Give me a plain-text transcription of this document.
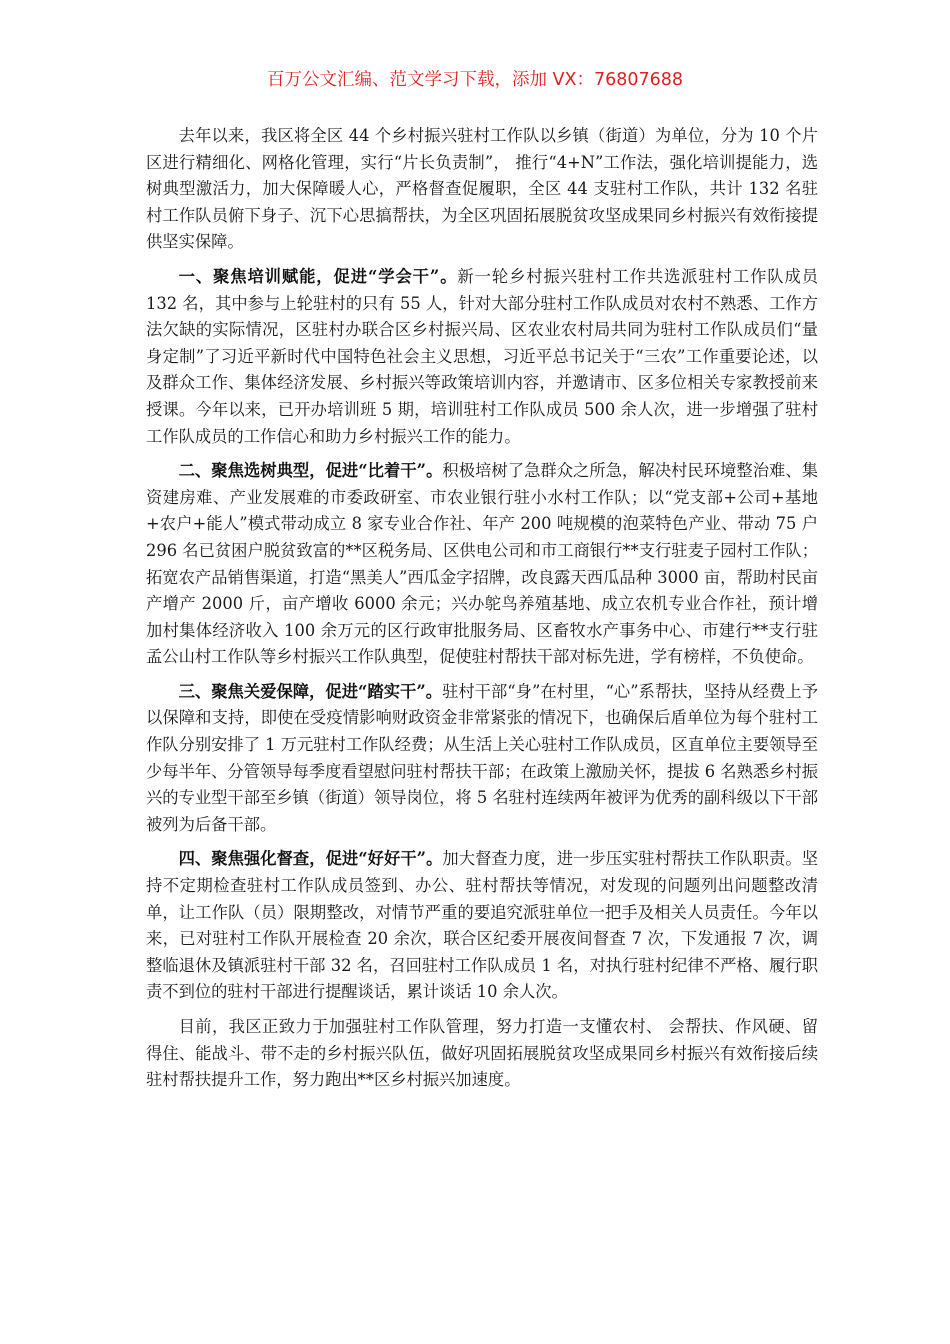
百万公文汇编、范文学习下载，添加 VX：76807688

去年以来，我区将全区 44 个乡村振兴驻村工作队以乡镇（街道）为单位，分为 10 个片区进行精细化、网格化管理，实行“片长负责制”， 推行“4+N”工作法，强化培训提能力，选树典型激活力，加大保障暖人心，严格督查促履职，全区 44 支驻村工作队，共计 132 名驻村工作队员俯下身子、沉下心思搞帮扶，为全区巩固拓展脱贫攻坚成果同乡村振兴有效衔接提供坚实保障。

一、聚焦培训赋能，促进“学会干”。新一轮乡村振兴驻村工作共选派驻村工作队成员 132 名，其中参与上轮驻村的只有 55 人，针对大部分驻村工作队成员对农村不熟悉、工作方法欠缺的实际情况，区驻村办联合区乡村振兴局、区农业农村局共同为驻村工作队成员们“量身定制”了习近平新时代中国特色社会主义思想，习近平总书记关于“三农”工作重要论述，以及群众工作、集体经济发展、乡村振兴等政策培训内容，并邀请市、区多位相关专家教授前来授课。今年以来，已开办培训班 5 期，培训驻村工作队成员 500 余人次，进一步增强了驻村工作队成员的工作信心和助力乡村振兴工作的能力。

二、聚焦选树典型，促进“比着干”。积极培树了急群众之所急，解决村民环境整治难、集资建房难、产业发展难的市委政研室、市农业银行驻小水村工作队；以“党支部+公司+基地+农户+能人”模式带动成立 8 家专业合作社、年产 200 吨规模的泡菜特色产业、带动 75 户 296 名已贫困户脱贫致富的**区税务局、区供电公司和市工商银行**支行驻麦子园村工作队；拓宽农产品销售渠道，打造“黑美人”西瓜金字招牌，改良露天西瓜品种 3000 亩，帮助村民亩产增产 2000 斤，亩产增收 6000 余元；兴办鸵鸟养殖基地、成立农机专业合作社，预计增加村集体经济收入 100 余万元的区行政审批服务局、区畜牧水产事务中心、市建行**支行驻孟公山村工作队等乡村振兴工作队典型，促使驻村帮扶干部对标先进，学有榜样，不负使命。

三、聚焦关爱保障，促进“踏实干”。驻村干部“身”在村里，“心”系帮扶，坚持从经费上予以保障和支持，即使在受疫情影响财政资金非常紧张的情况下，也确保后盾单位为每个驻村工作队分别安排了 1 万元驻村工作队经费；从生活上关心驻村工作队成员，区直单位主要领导至少每半年、分管领导每季度看望慰问驻村帮扶干部；在政策上激励关怀，提拔 6 名熟悉乡村振兴的专业型干部至乡镇（街道）领导岗位，将 5 名驻村连续两年被评为优秀的副科级以下干部被列为后备干部。

四、聚焦强化督查，促进“好好干”。加大督查力度，进一步压实驻村帮扶工作队职责。坚持不定期检查驻村工作队成员签到、办公、驻村帮扶等情况，对发现的问题列出问题整改清单，让工作队（员）限期整改，对情节严重的要追究派驻单位一把手及相关人员责任。今年以来，已对驻村工作队开展检查 20 余次，联合区纪委开展夜间督查 7 次，下发通报 7 次，调整临退休及镇派驻村干部 32 名，召回驻村工作队成员 1 名，对执行驻村纪律不严格、履行职责不到位的驻村干部进行提醒谈话，累计谈话 10 余人次。

目前，我区正致力于加强驻村工作队管理，努力打造一支懂农村、 会帮扶、作风硬、留得住、能战斗、带不走的乡村振兴队伍，做好巩固拓展脱贫攻坚成果同乡村振兴有效衔接后续驻村帮扶提升工作，努力跑出**区乡村振兴加速度。
